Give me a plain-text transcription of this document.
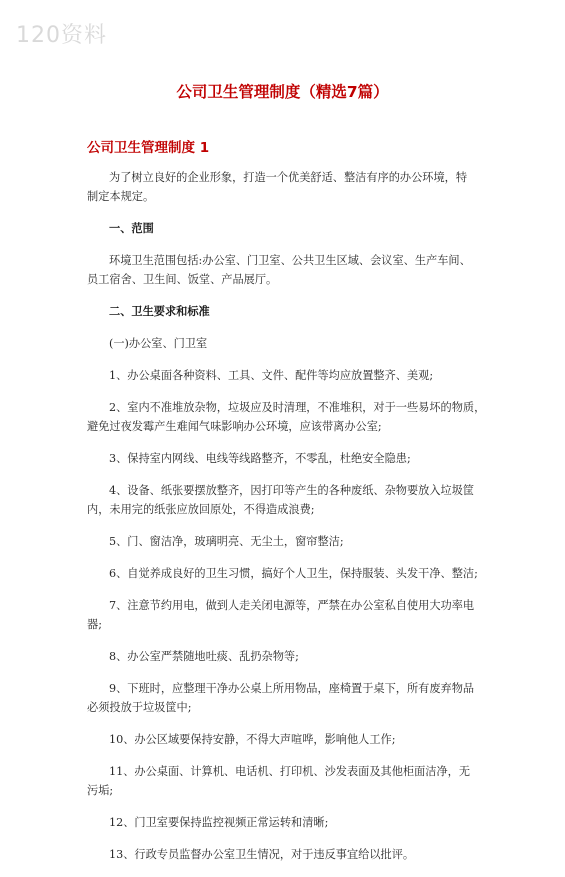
120资料
公司卫生管理制度（精选7篇）
公司卫生管理制度 1
为了树立良好的企业形象，打造一个优美舒适、整洁有序的办公环境，特
制定本规定。
一、范围
环境卫生范围包括:办公室、门卫室、公共卫生区域、会议室、生产车间、
员工宿舍、卫生间、饭堂、产品展厅。
二、卫生要求和标准
(一)办公室、门卫室
1、办公桌面各种资料、工具、文件、配件等均应放置整齐、美观;
2、室内不准堆放杂物，垃圾应及时清理，不准堆积，对于一些易坏的物质，
避免过夜发霉产生难闻气味影响办公环境，应该带离办公室;
3、保持室内网线、电线等线路整齐，不零乱，杜绝安全隐患;
4、设备、纸张要摆放整齐，因打印等产生的各种废纸、杂物要放入垃圾筐
内，未用完的纸张应放回原处，不得造成浪费;
5、门、窗洁净，玻璃明亮、无尘土，窗帘整洁;
6、自觉养成良好的卫生习惯，搞好个人卫生，保持服装、头发干净、整洁;
7、注意节约用电，做到人走关闭电源等，严禁在办公室私自使用大功率电
器;
8、办公室严禁随地吐痰、乱扔杂物等;
9、下班时，应整理干净办公桌上所用物品，座椅置于桌下，所有废弃物品
必须投放于垃圾筐中;
10、办公区域要保持安静，不得大声喧哗，影响他人工作;
11、办公桌面、计算机、电话机、打印机、沙发表面及其他柜面洁净，无
污垢;
12、门卫室要保持监控视频正常运转和清晰;
13、行政专员监督办公室卫生情况，对于违反事宜给以批评。
